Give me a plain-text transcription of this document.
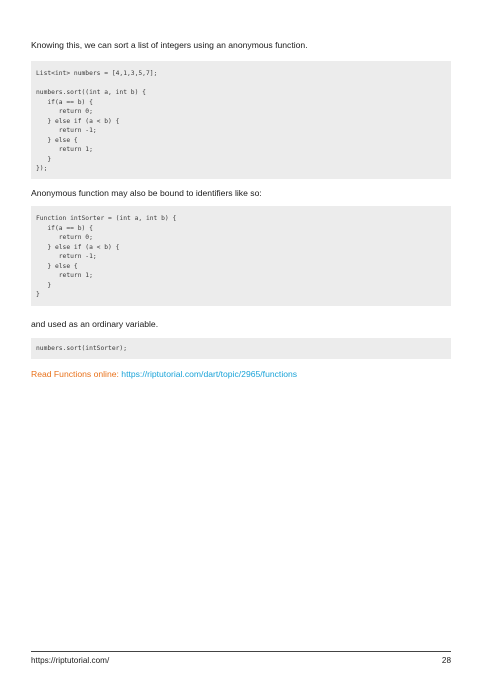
Knowing this, we can sort a list of integers using an anonymous function.
List<int> numbers = [4,1,3,5,7];
numbers.sort((int a, int b) {
if(a == b) {
return 0;
} else if (a < b) {
return -1;
} else {
return 1;
}
});
Anonymous function may also be bound to identifiers like so:
Function intSorter = (int a, int b) {
if(a == b) {
return 0;
} else if (a < b) {
return -1;
} else {
return 1;
}
}
and used as an ordinary variable.
numbers.sort(intSorter);
Read Functions online: https://riptutorial.com/dart/topic/2965/functions
https://riptutorial.com/	28
